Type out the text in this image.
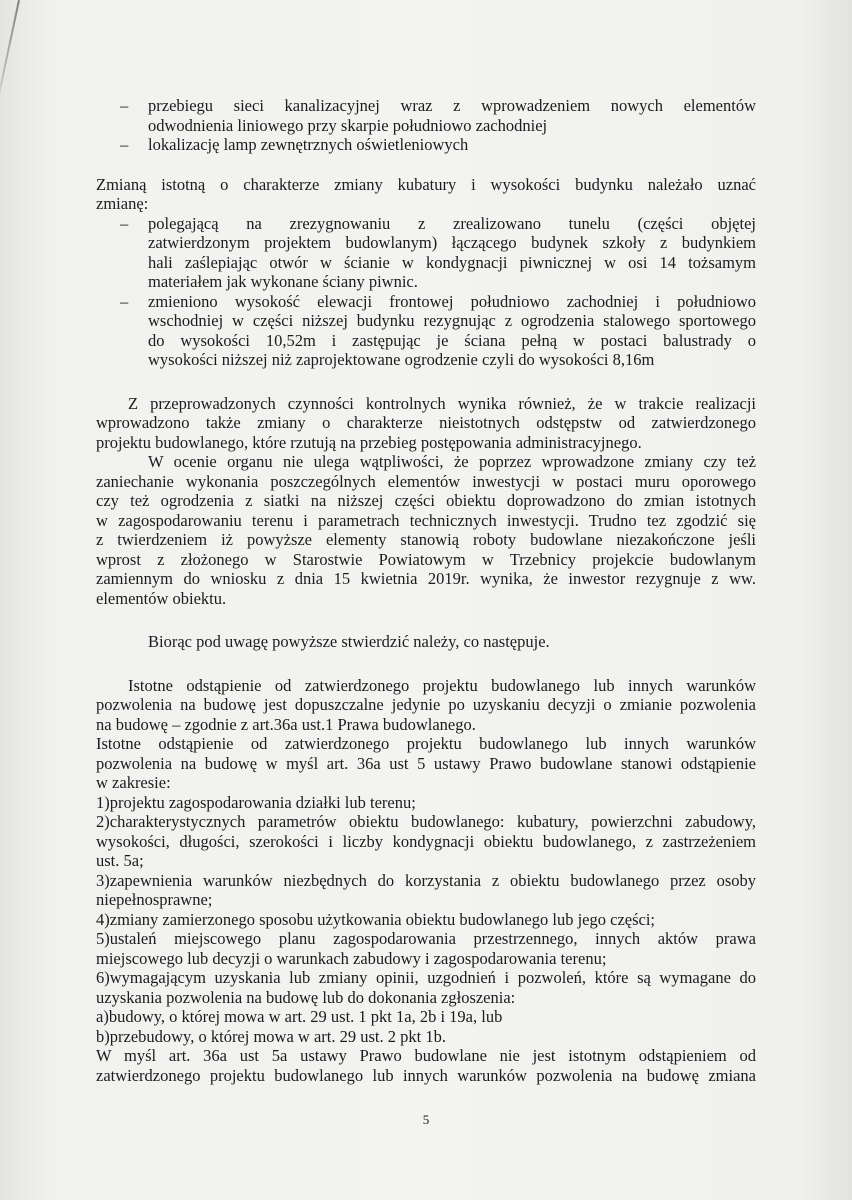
– przebiegu sieci kanalizacyjnej wraz z wprowadzeniem nowych elementów
odwodnienia liniowego przy skarpie południowo zachodniej
– lokalizację lamp zewnętrznych oświetleniowych
Zmianą istotną o charakterze zmiany kubatury i wysokości budynku należało uznać
zmianę:
– polegającą na zrezygnowaniu z zrealizowano tunelu (części objętej
zatwierdzonym projektem budowlanym) łączącego budynek szkoły z budynkiem
hali zaślepiając otwór w ścianie w kondygnacji piwnicznej w osi 14 tożsamym
materiałem jak wykonane ściany piwnic.
– zmieniono wysokość elewacji frontowej południowo zachodniej i południowo
wschodniej w części niższej budynku rezygnując z ogrodzenia stalowego sportowego
do wysokości 10,52m i zastępując je ściana pełną w postaci balustrady o
wysokości niższej niż zaprojektowane ogrodzenie czyli do wysokości 8,16m
Z przeprowadzonych czynności kontrolnych wynika również, że w trakcie realizacji
wprowadzono także zmiany o charakterze nieistotnych odstępstw od zatwierdzonego
projektu budowlanego, które rzutują na przebieg postępowania administracyjnego.
W ocenie organu nie ulega wątpliwości, że poprzez wprowadzone zmiany czy też
zaniechanie wykonania poszczególnych elementów inwestycji w postaci muru oporowego
czy też ogrodzenia z siatki na niższej części obiektu doprowadzono do zmian istotnych
w zagospodarowaniu terenu i parametrach technicznych inwestycji. Trudno tez zgodzić się
z twierdzeniem iż powyższe elementy stanowią roboty budowlane niezakończone jeśli
wprost z złożonego w Starostwie Powiatowym w Trzebnicy projekcie budowlanym
zamiennym do wniosku z dnia 15 kwietnia 2019r. wynika, że inwestor rezygnuje z ww.
elementów obiektu.
Biorąc pod uwagę powyższe stwierdzić należy, co następuje.
Istotne odstąpienie od zatwierdzonego projektu budowlanego lub innych warunków
pozwolenia na budowę jest dopuszczalne jedynie po uzyskaniu decyzji o zmianie pozwolenia
na budowę – zgodnie z art.36a ust.1 Prawa budowlanego.
Istotne odstąpienie od zatwierdzonego projektu budowlanego lub innych warunków
pozwolenia na budowę w myśl art. 36a ust 5 ustawy Prawo budowlane stanowi odstąpienie
w zakresie:
1)projektu zagospodarowania działki lub terenu;
2)charakterystycznych parametrów obiektu budowlanego: kubatury, powierzchni zabudowy,
wysokości, długości, szerokości i liczby kondygnacji obiektu budowlanego, z zastrzeżeniem
ust. 5a;
3)zapewnienia warunków niezbędnych do korzystania z obiektu budowlanego przez osoby
niepełnosprawne;
4)zmiany zamierzonego sposobu użytkowania obiektu budowlanego lub jego części;
5)ustaleń miejscowego planu zagospodarowania przestrzennego, innych aktów prawa
miejscowego lub decyzji o warunkach zabudowy i zagospodarowania terenu;
6)wymagającym uzyskania lub zmiany opinii, uzgodnień i pozwoleń, które są wymagane do
uzyskania pozwolenia na budowę lub do dokonania zgłoszenia:
a)budowy, o której mowa w art. 29 ust. 1 pkt 1a, 2b i 19a, lub
b)przebudowy, o której mowa w art. 29 ust. 2 pkt 1b.
W myśl art. 36a ust 5a ustawy Prawo budowlane nie jest istotnym odstąpieniem od
zatwierdzonego projektu budowlanego lub innych warunków pozwolenia na budowę zmiana
5
